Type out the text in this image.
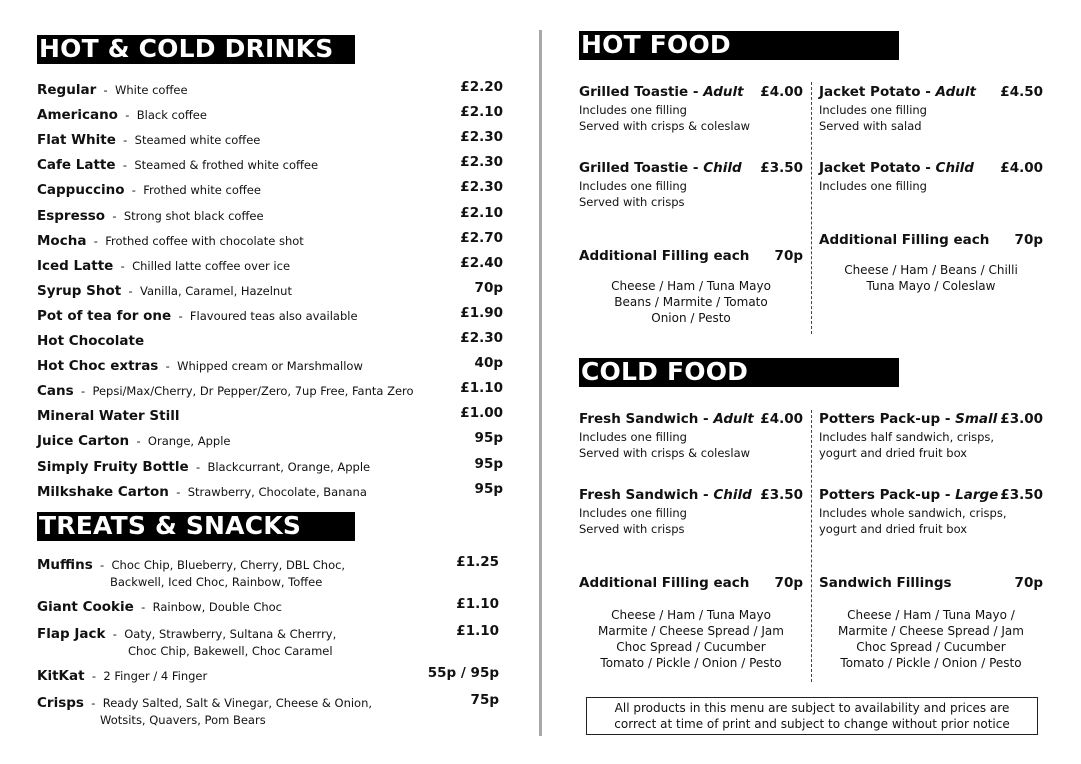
HOT & COLD DRINKS
Regular  -  White coffee	£2.20
Americano  -  Black coffee	£2.10
Flat White  -  Steamed white coffee	£2.30
Cafe Latte  -  Steamed & frothed white coffee	£2.30
Cappuccino  -  Frothed white coffee	£2.30
Espresso  -  Strong shot black coffee	£2.10
Mocha  -  Frothed coffee with chocolate shot	£2.70
Iced Latte  -  Chilled latte coffee over ice	£2.40
Syrup Shot  -  Vanilla, Caramel, Hazelnut	70p
Pot of tea for one  -  Flavoured teas also available	£1.90
Hot Chocolate	£2.30
Hot Choc extras  -  Whipped cream or Marshmallow	40p
Cans  -  Pepsi/Max/Cherry, Dr Pepper/Zero, 7up Free, Fanta Zero	£1.10
Mineral Water Still	£1.00
Juice Carton  -  Orange, Apple	95p
Simply Fruity Bottle  -  Blackcurrant, Orange, Apple	95p
Milkshake Carton  -  Strawberry, Chocolate, Banana	95p
TREATS & SNACKS
Muffins  -  Choc Chip, Blueberry, Cherry, DBL Choc,
Backwell, Iced Choc, Rainbow, Toffee
£1.25
Giant Cookie  -  Rainbow, Double Choc	£1.10
Flap Jack  -  Oaty, Strawberry, Sultana & Cherrry,
Choc Chip, Bakewell, Choc Caramel
£1.10
KitKat  -  2 Finger / 4 Finger	55p / 95p
Crisps  -  Ready Salted, Salt & Vinegar, Cheese & Onion,
Wotsits, Quavers, Pom Bears
75p
HOT FOOD
Grilled Toastie - Adult £4.00
Includes one filling
Served with crisps & coleslaw
Grilled Toastie - Child £3.50
Includes one filling
Served with crisps
Additional Filling each 70p
Cheese / Ham / Tuna Mayo
Beans / Marmite / Tomato
Onion / Pesto
Jacket Potato - Adult £4.50
Includes one filling
Served with salad
Jacket Potato - Child £4.00
Includes one filling
Additional Filling each 70p
Cheese / Ham / Beans / Chilli
Tuna Mayo / Coleslaw
COLD FOOD
Fresh Sandwich - Adult £4.00
Includes one filling
Served with crisps & coleslaw
Fresh Sandwich - Child £3.50
Includes one filling
Served with crisps
Additional Filling each 70p
Cheese / Ham / Tuna Mayo
Marmite / Cheese Spread / Jam
Choc Spread / Cucumber
Tomato / Pickle / Onion / Pesto
Potters Pack-up - Small £3.00
Includes half sandwich, crisps,
yogurt and dried fruit box
Potters Pack-up - Large £3.50
Includes whole sandwich, crisps,
yogurt and dried fruit box
Sandwich Fillings	70p
Cheese / Ham / Tuna Mayo /
Marmite / Cheese Spread / Jam
Choc Spread / Cucumber
Tomato / Pickle / Onion / Pesto
All products in this menu are subject to availability and prices are
correct at time of print and subject to change without prior notice
